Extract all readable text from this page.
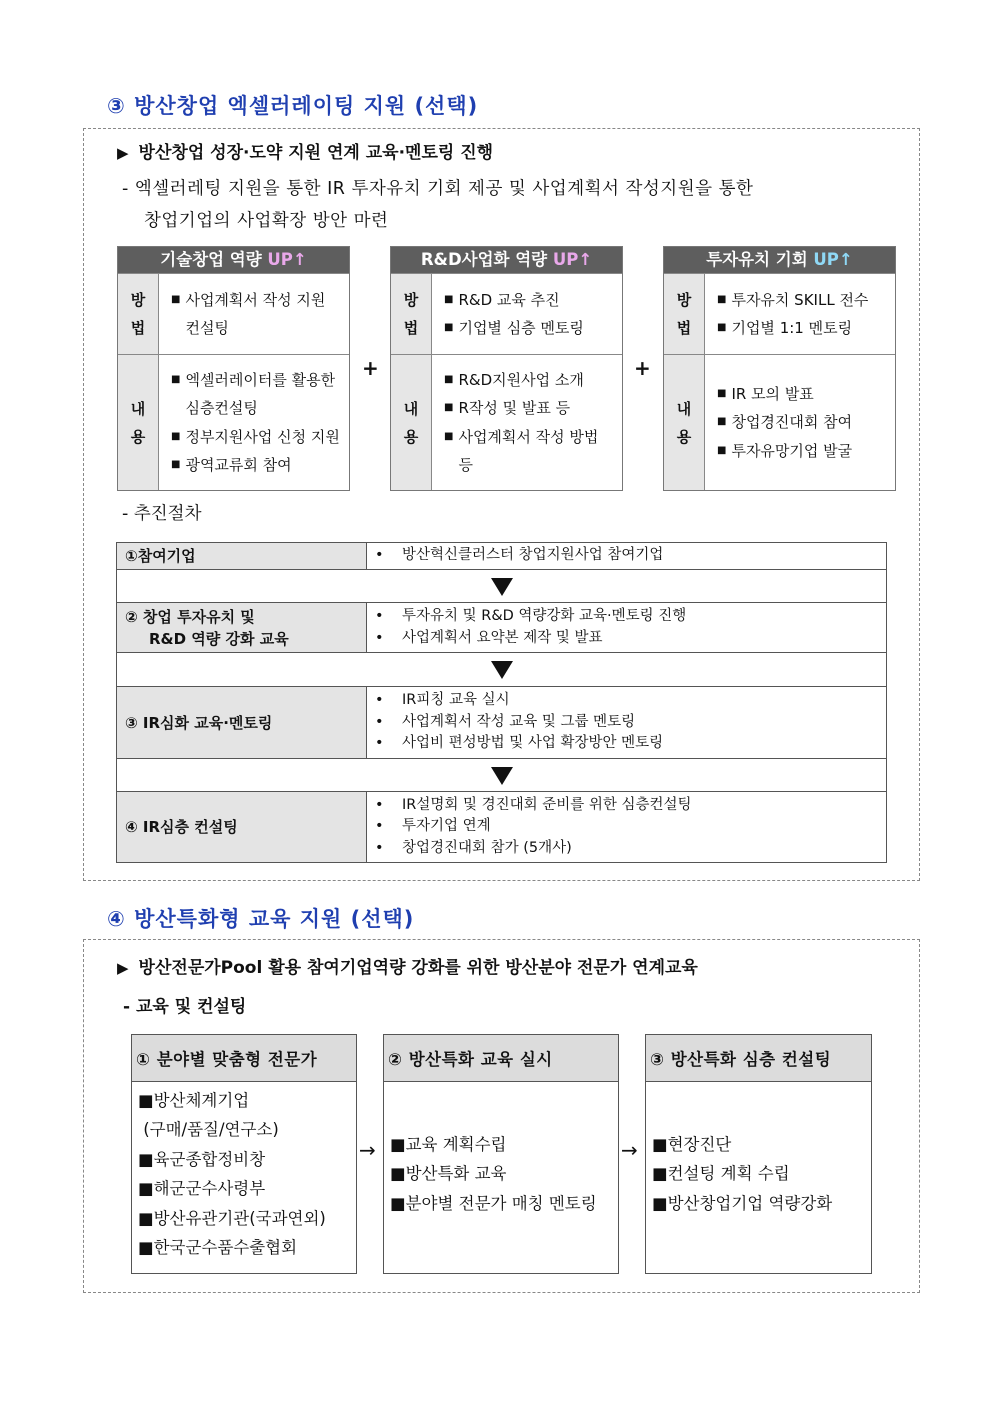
③ 방산창업 엑셀러레이팅 지원 (선택)
▶ 방산창업 성장·도약 지원 연계 교육·멘토링 진행
- 엑셀러레팅 지원을 통한 IR 투자유치 기회 제공 및 사업계획서 작성지원을 통한
창업기업의 사업확장 방안 마련
기술창업 역량 UP↑
방
법
■ 사업계획서 작성 지원
컨설팅
내
용
■ 엑셀러레이터를 활용한
심층컨설팅
■ 정부지원사업 신청 지원
■ 광역교류회 참여
R&D사업화 역량 UP↑
방
법
■ R&D 교육 추진
■ 기업별 심층 멘토링
내
용
■ R&D지원사업 소개
■ R작성 및 발표 등
■ 사업계획서 작성 방법 등
투자유치 기회 UP↑
방
법
■ 투자유치 SKILL 전수
■ 기업별 1:1 멘토링
내
용
■ IR 모의 발표
■ 창업경진대회 참여
■ 투자유망기업 발굴
+	+
- 추진절차
①참여기업	•	방산혁신클러스터 창업지원사업 참여기업
② 창업 투자유치 및
R&D 역량 강화 교육
•	투자유치 및 R&D 역량강화 교육·멘토링 진행
•	사업계획서 요약본 제작 및 발표
③ IR심화 교육·멘토링
•	IR피칭 교육 실시
•	사업계획서 작성 교육 및 그룹 멘토링
•	사업비 편성방법 및 사업 확장방안 멘토링
④ IR심층 컨설팅
•	IR설명회 및 경진대회 준비를 위한 심층컨설팅
•	투자기업 연계
•	창업경진대회 참가 (5개사)
④ 방산특화형 교육 지원 (선택)
▶ 방산전문가Pool 활용 참여기업역량 강화를 위한 방산분야 전문가 연계교육
- 교육 및 컨설팅
① 분야별 맞춤형 전문가
■방산체계기업
(구매/품질/연구소)
■육군종합정비창
■해군군수사령부
■방산유관기관(국과연외)
■한국군수품수출협회
② 방산특화 교육 실시
■교육 계획수립
■방산특화 교육
■분야별 전문가 매칭 멘토링
③ 방산특화 심층 컨설팅
■현장진단
■컨설팅 계획 수립
■방산창업기업 역량강화
→	→
